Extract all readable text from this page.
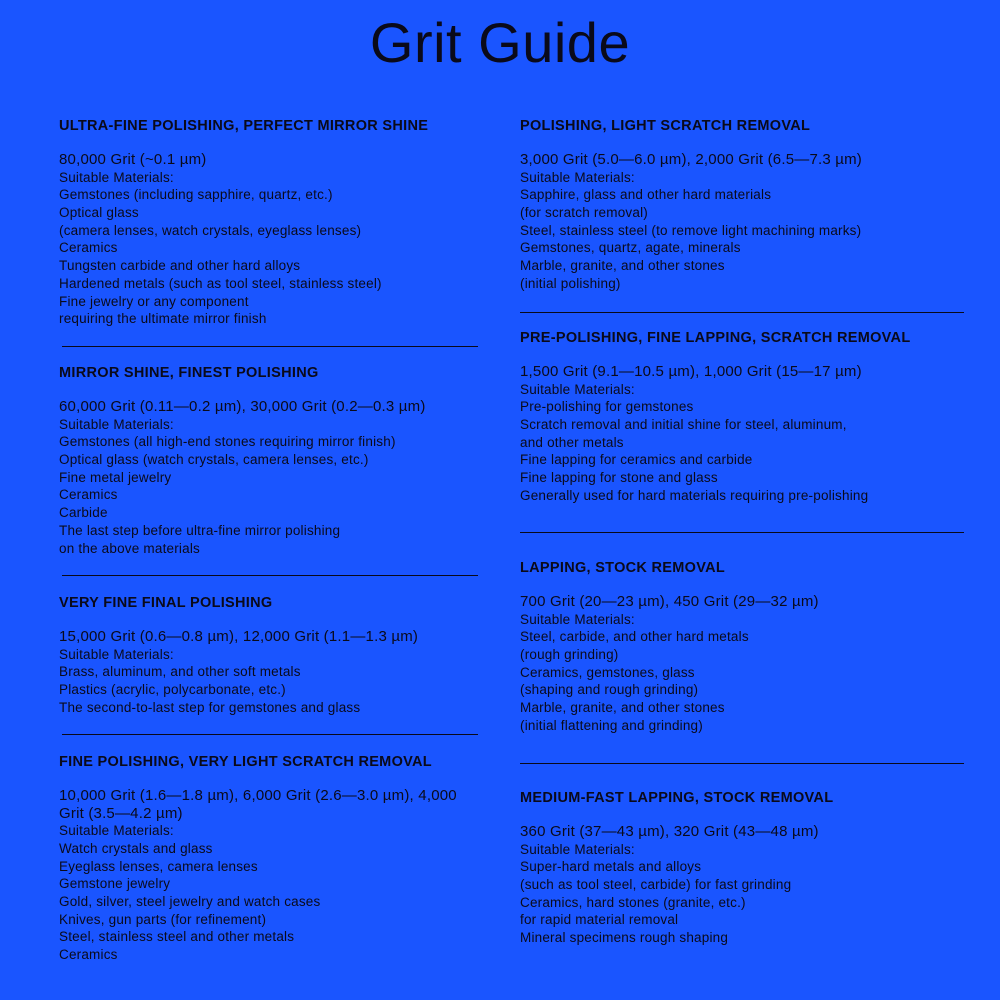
Grit Guide
ULTRA-FINE POLISHING, PERFECT MIRROR SHINE
80,000 Grit (~0.1 µm)
Suitable Materials:
Gemstones (including sapphire, quartz, etc.)
Optical glass
(camera lenses, watch crystals, eyeglass lenses)
Ceramics
Tungsten carbide and other hard alloys
Hardened metals (such as tool steel, stainless steel)
Fine jewelry or any component
requiring the ultimate mirror finish
MIRROR SHINE, FINEST POLISHING
60,000 Grit (0.11—0.2 µm), 30,000 Grit (0.2—0.3 µm)
Suitable Materials:
Gemstones (all high-end stones requiring mirror finish)
Optical glass (watch crystals, camera lenses, etc.)
Fine metal jewelry
Ceramics
Carbide
The last step before ultra-fine mirror polishing
on the above materials
VERY FINE FINAL POLISHING
15,000 Grit (0.6—0.8 µm), 12,000 Grit (1.1—1.3 µm)
Suitable Materials:
Brass, aluminum, and other soft metals
Plastics (acrylic, polycarbonate, etc.)
The second-to-last step for gemstones and glass
FINE POLISHING, VERY LIGHT SCRATCH REMOVAL
10,000 Grit (1.6—1.8 µm), 6,000 Grit (2.6—3.0 µm), 4,000 Grit (3.5—4.2 µm)
Suitable Materials:
Watch crystals and glass
Eyeglass lenses, camera lenses
Gemstone jewelry
Gold, silver, steel jewelry and watch cases
Knives, gun parts (for refinement)
Steel, stainless steel and other metals
Ceramics
POLISHING, LIGHT SCRATCH REMOVAL
3,000 Grit (5.0—6.0 µm), 2,000 Grit (6.5—7.3 µm)
Suitable Materials:
Sapphire, glass and other hard materials
(for scratch removal)
Steel, stainless steel (to remove light machining marks)
Gemstones, quartz, agate, minerals
Marble, granite, and other stones
(initial polishing)
PRE-POLISHING, FINE LAPPING, SCRATCH REMOVAL
1,500 Grit (9.1—10.5 µm), 1,000 Grit (15—17 µm)
Suitable Materials:
Pre-polishing for gemstones
Scratch removal and initial shine for steel, aluminum,
and other metals
Fine lapping for ceramics and carbide
Fine lapping for stone and glass
Generally used for hard materials requiring pre-polishing
LAPPING, STOCK REMOVAL
700 Grit (20—23 µm), 450 Grit (29—32 µm)
Suitable Materials:
Steel, carbide, and other hard metals
(rough grinding)
Ceramics, gemstones, glass
(shaping and rough grinding)
Marble, granite, and other stones
(initial flattening and grinding)
MEDIUM-FAST LAPPING, STOCK REMOVAL
360 Grit (37—43 µm), 320 Grit (43—48 µm)
Suitable Materials:
Super-hard metals and alloys
(such as tool steel, carbide) for fast grinding
Ceramics, hard stones (granite, etc.)
for rapid material removal
Mineral specimens rough shaping
